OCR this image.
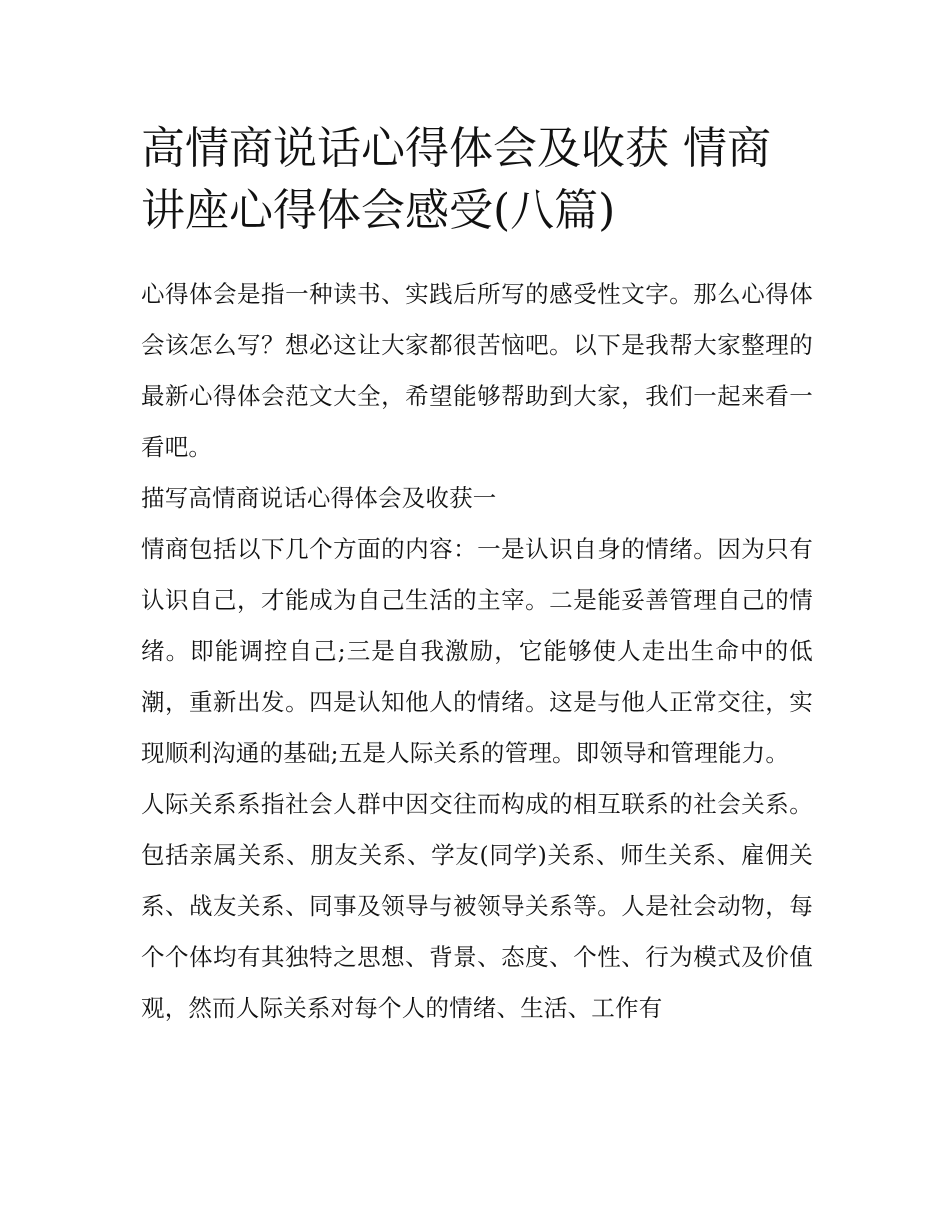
高情商说话心得体会及收获 情商讲座心得体会感受(八篇)

心得体会是指一种读书、实践后所写的感受性文字。那么心得体会该怎么写？想必这让大家都很苦恼吧。以下是我帮大家整理的最新心得体会范文大全，希望能够帮助到大家，我们一起来看一看吧。

描写高情商说话心得体会及收获一

情商包括以下几个方面的内容：一是认识自身的情绪。因为只有认识自己，才能成为自己生活的主宰。二是能妥善管理自己的情绪。即能调控自己;三是自我激励，它能够使人走出生命中的低潮，重新出发。四是认知他人的情绪。这是与他人正常交往，实现顺利沟通的基础;五是人际关系的管理。即领导和管理能力。

人际关系系指社会人群中因交往而构成的相互联系的社会关系。包括亲属关系、朋友关系、学友(同学)关系、师生关系、雇佣关系、战友关系、同事及领导与被领导关系等。人是社会动物，每个个体均有其独特之思想、背景、态度、个性、行为模式及价值观，然而人际关系对每个人的情绪、生活、工作有
